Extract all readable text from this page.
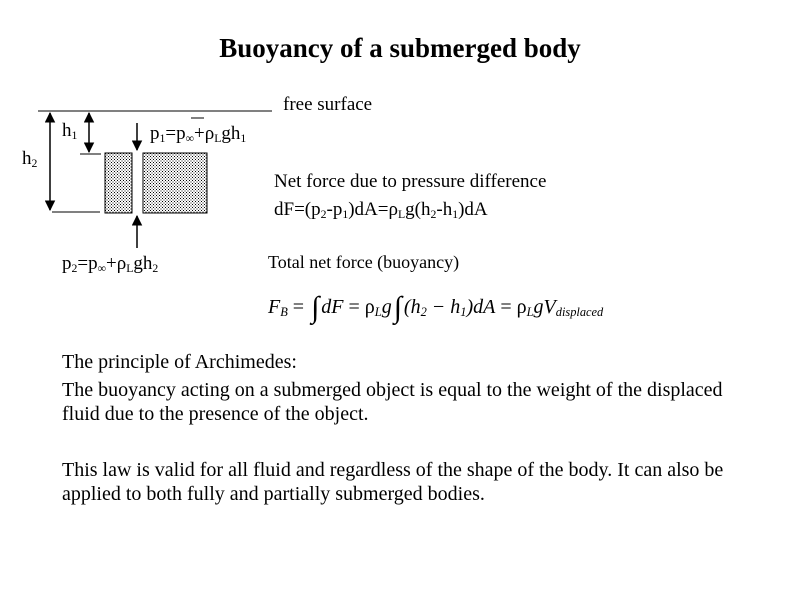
Buoyancy of a submerged body
free surface
$h_1$
$h_2$
$p_1=p_\infty+\rho_Lgh_1$
$p_2=p_\infty+\rho_Lgh_2$
Net force due to pressure difference
$dF=(p_2-p_1)dA=\rho_Lg(h_2-h_1)dA$
Total net force (buoyancy)
$F_B$ = ∫ dF = $\rho_Lg\int$ $(h_2 - h_1)dA = \rho_LgV_{displaced}$
The principle of Archimedes:
The buoyancy acting on a submerged object is equal to the weight of the displaced fluid due to the presence of the object.
This law is valid for all fluid and regardless of the shape of the body. It can also be applied to both fully and partially submerged bodies.
